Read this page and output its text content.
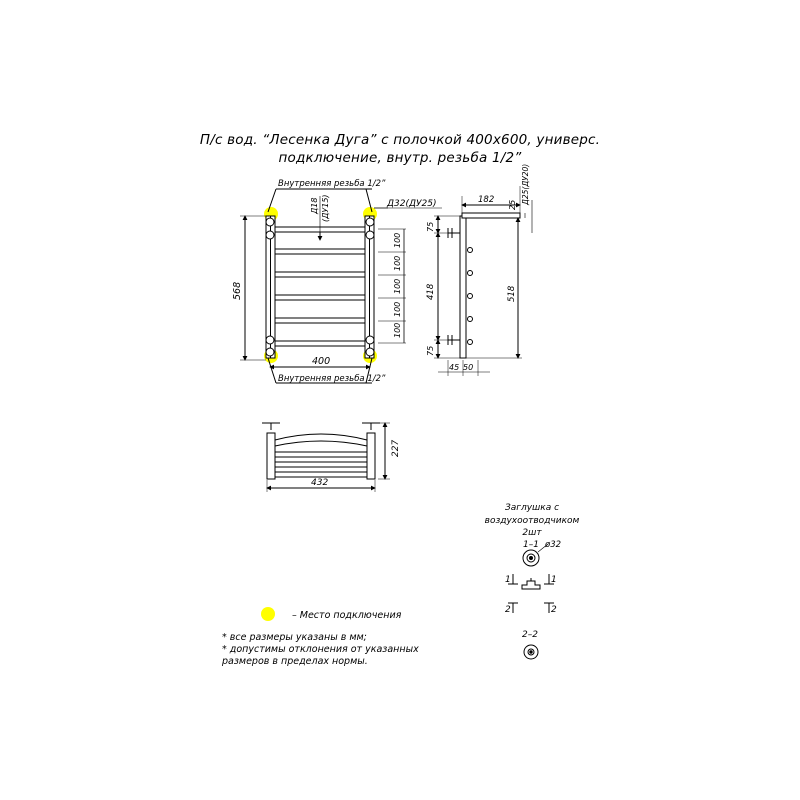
П/с вод. “Лесенка Дуга” с полочкой 400х600, универс.
подключение, внутр. резьба 1/2”
Внутренняя резьба 1/2”
Внутренняя резьба 1/2”
568
Д18 (ДУ15)	Д32(ДУ25)
400
100
100
100
100
100
182 25 Д25(ДУ20)
75
418	518
75
45 50
227
432
Заглушка с
воздухоотводчиком
2шт
1–1 ø32
1	1
2	2
2–2
– Место подключения
* все размеры указаны в мм;
* допустимы отклонения от указанных
размеров в пределах нормы.
